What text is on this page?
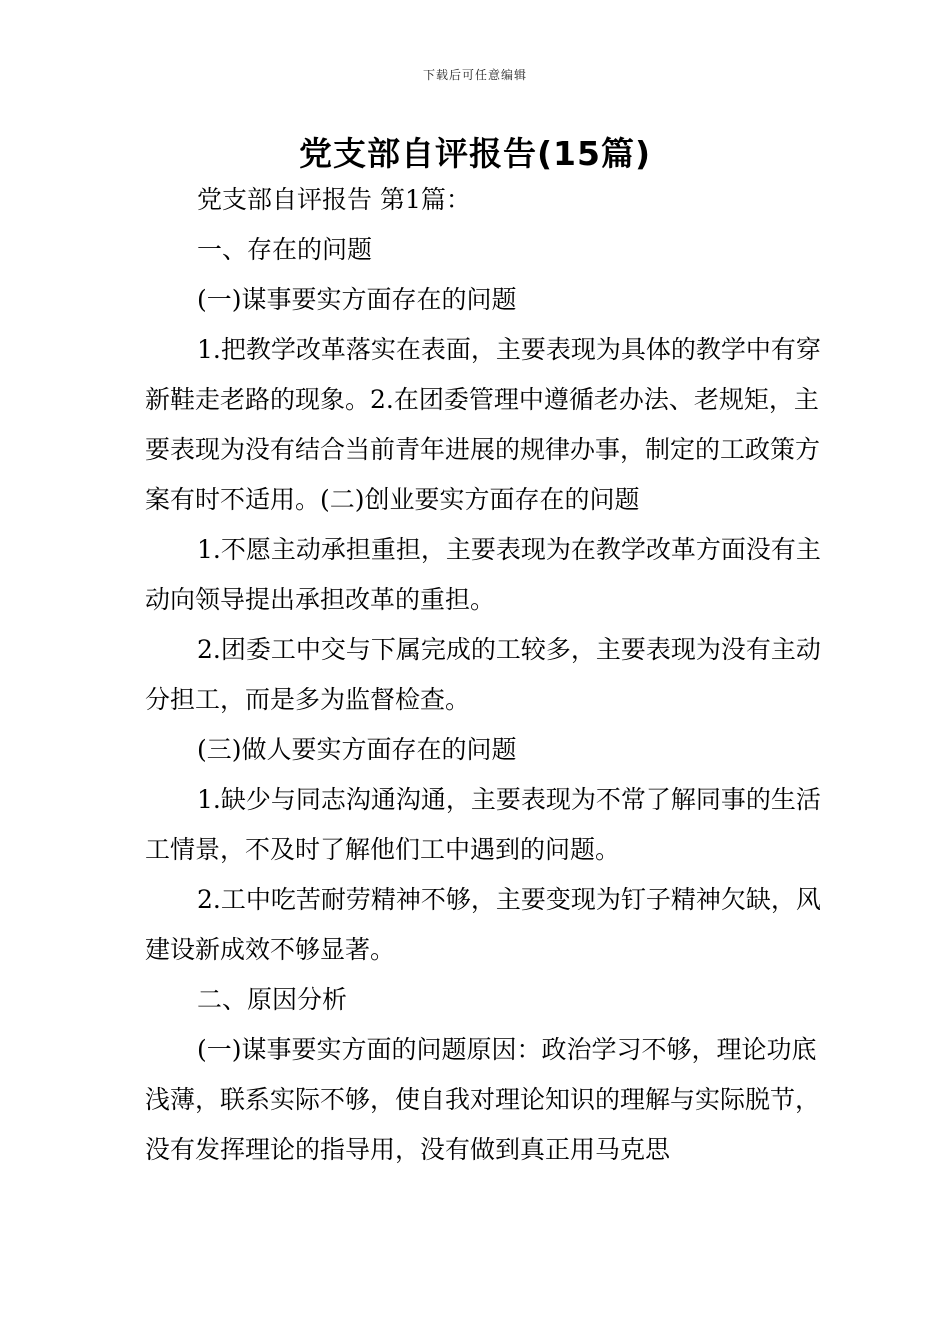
下载后可任意编辑
党支部自评报告(15篇)

党支部自评报告 第1篇：

一、存在的问题

(一)谋事要实方面存在的问题

1.把教学改革落实在表面，主要表现为具体的教学中有穿新鞋走老路的现象。2.在团委管理中遵循老办法、老规矩，主要表现为没有结合当前青年进展的规律办事，制定的工政策方案有时不适用。(二)创业要实方面存在的问题

1.不愿主动承担重担，主要表现为在教学改革方面没有主动向领导提出承担改革的重担。

2.团委工中交与下属完成的工较多，主要表现为没有主动分担工，而是多为监督检查。

(三)做人要实方面存在的问题

1.缺少与同志沟通沟通，主要表现为不常了解同事的生活工情景，不及时了解他们工中遇到的问题。

2.工中吃苦耐劳精神不够，主要变现为钉子精神欠缺，风建设新成效不够显著。

二、原因分析

(一)谋事要实方面的问题原因：政治学习不够，理论功底浅薄，联系实际不够，使自我对理论知识的理解与实际脱节，没有发挥理论的指导用，没有做到真正用马克思
